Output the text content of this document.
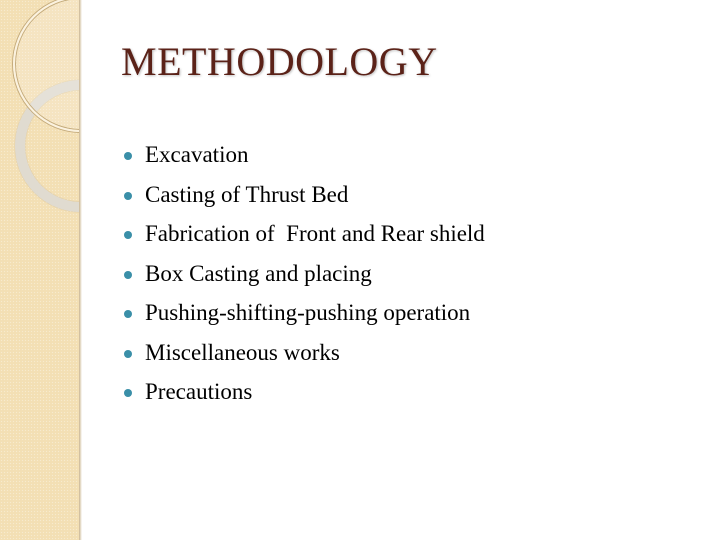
METHODOLOGY
Excavation
Casting of Thrust Bed
Fabrication of  Front and Rear shield
Box Casting and placing
Pushing-shifting-pushing operation
Miscellaneous works
Precautions
